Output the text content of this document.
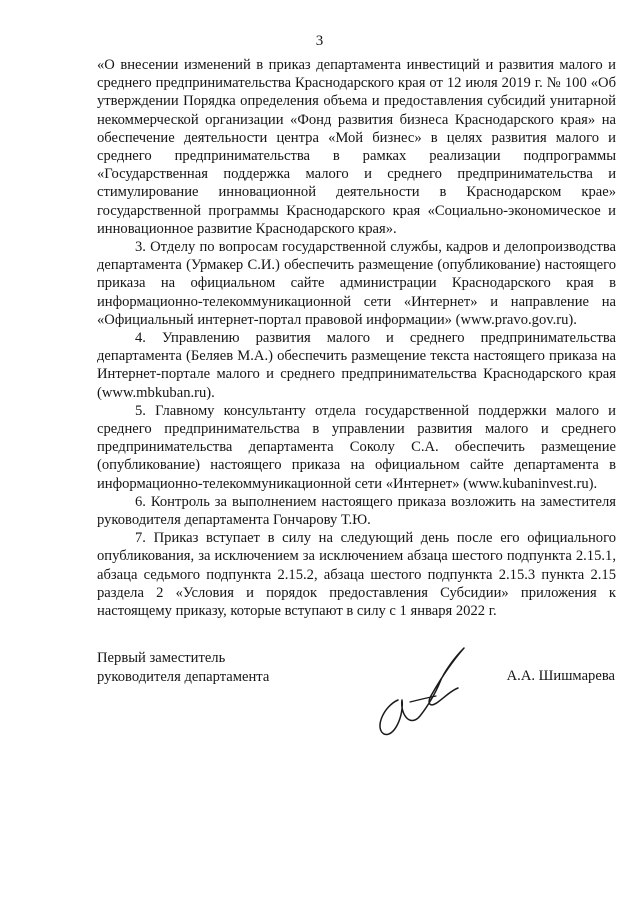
3

«О внесении изменений в приказ департамента инвестиций и развития малого и среднего предпринимательства Краснодарского края от 12 июля 2019 г. № 100 «Об утверждении Порядка определения объема и предоставления субсидий унитарной некоммерческой организации «Фонд развития бизнеса Краснодарского края» на обеспечение деятельности центра «Мой бизнес» в целях развития малого и среднего предпринимательства в рамках реализации подпрограммы «Государственная поддержка малого и среднего предпринимательства и стимулирование инновационной деятельности в Краснодарском крае» государственной программы Краснодарского края «Социально-экономическое и инновационное развитие Краснодарского края».

3. Отделу по вопросам государственной службы, кадров и делопроизводства департамента (Урмакер С.И.) обеспечить размещение (опубликование) настоящего приказа на официальном сайте администрации Краснодарского края в информационно-телекоммуникационной сети «Интернет» и направление на «Официальный интернет-портал правовой информации» (www.pravo.gov.ru).

4. Управлению развития малого и среднего предпринимательства департамента (Беляев М.А.) обеспечить размещение текста настоящего приказа на Интернет-портале малого и среднего предпринимательства Краснодарского края (www.mbkuban.ru).

5. Главному консультанту отдела государственной поддержки малого и среднего предпринимательства в управлении развития малого и среднего предпринимательства департамента Соколу С.А. обеспечить размещение (опубликование) настоящего приказа на официальном сайте департамента в информационно-телекоммуникационной сети «Интернет» (www.kubaninvest.ru).

6. Контроль за выполнением настоящего приказа возложить на заместителя руководителя департамента Гончарову Т.Ю.

7. Приказ вступает в силу на следующий день после его официального опубликования, за исключением за исключением абзаца шестого подпункта 2.15.1, абзаца седьмого подпункта 2.15.2, абзаца шестого подпункта 2.15.3 пункта 2.15 раздела 2 «Условия и порядок предоставления Субсидии» приложения к настоящему приказу, которые вступают в силу с 1 января 2022 г.

Первый заместитель
руководителя департамента	А.А. Шишмарева
